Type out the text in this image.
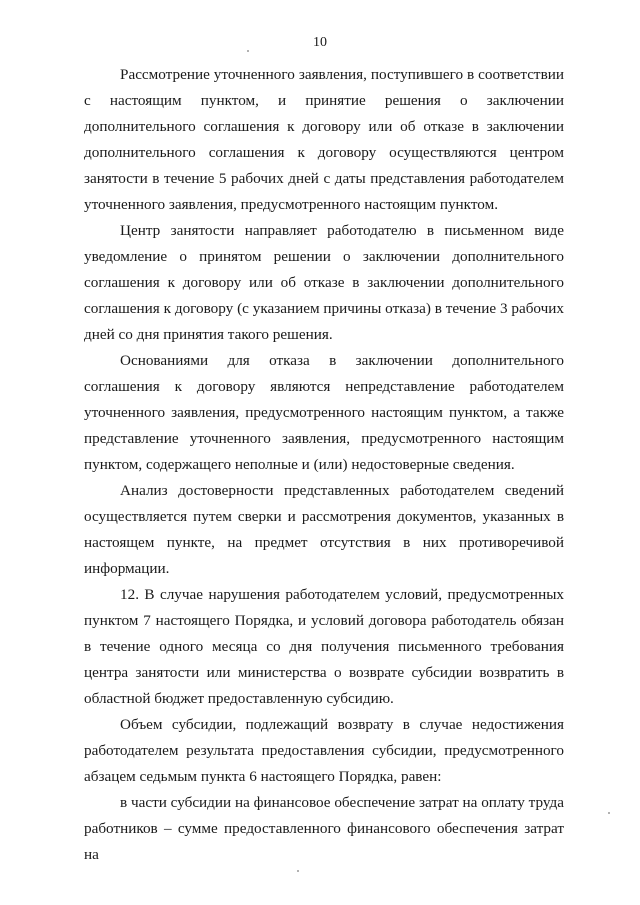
10

Рассмотрение уточненного заявления, поступившего в соответствии с настоящим пунктом, и принятие решения о заключении дополнительного соглашения к договору или об отказе в заключении дополнительного соглашения к договору осуществляются центром занятости в течение 5 рабочих дней с даты представления работодателем уточненного заявления, предусмотренного настоящим пунктом.

Центр занятости направляет работодателю в письменном виде уведомление о принятом решении о заключении дополнительного соглашения к договору или об отказе в заключении дополнительного соглашения к договору (с указанием причины отказа) в течение 3 рабочих дней со дня принятия такого решения.

Основаниями для отказа в заключении дополнительного соглашения к договору являются непредставление работодателем уточненного заявления, предусмотренного настоящим пунктом, а также представление уточненного заявления, предусмотренного настоящим пунктом, содержащего неполные и (или) недостоверные сведения.

Анализ достоверности представленных работодателем сведений осуществляется путем сверки и рассмотрения документов, указанных в настоящем пункте, на предмет отсутствия в них противоречивой информации.

12. В случае нарушения работодателем условий, предусмотренных пунктом 7 настоящего Порядка, и условий договора работодатель обязан в течение одного месяца со дня получения письменного требования центра занятости или министерства о возврате субсидии возвратить в областной бюджет предоставленную субсидию.

Объем субсидии, подлежащий возврату в случае недостижения работодателем результата предоставления субсидии, предусмотренного абзацем седьмым пункта 6 настоящего Порядка, равен:

в части субсидии на финансовое обеспечение затрат на оплату труда работников – сумме предоставленного финансового обеспечения затрат на
